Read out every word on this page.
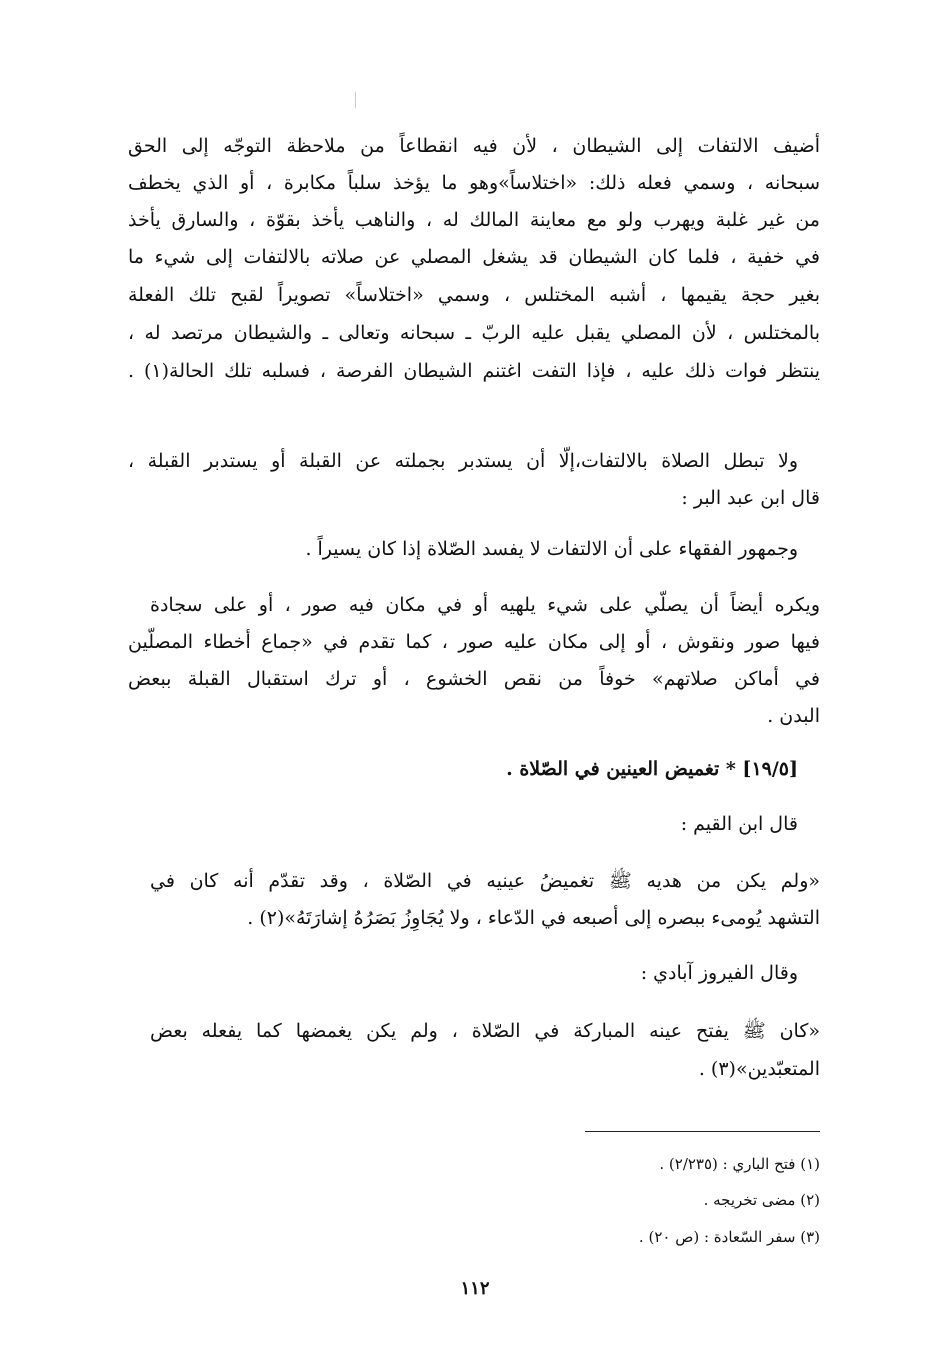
أضيف الالتفات إلى الشيطان ، لأن فيه انقطاعاً من ملاحظة التوجّه إلى الحق
سبحانه ، وسمي فعله ذلك: «اختلاساً»وهو ما يؤخذ سلباً مكابرة ، أو الذي يخطف
من غير غلبة ويهرب ولو مع معاينة المالك له ، والناهب يأخذ بقوّة ، والسارق يأخذ
في خفية ، فلما كان الشيطان قد يشغل المصلي عن صلاته بالالتفات إلى شيء ما
بغير حجة يقيمها ، أشبه المختلس ، وسمي «اختلاساً» تصويراً لقبح تلك الفعلة
بالمختلس ، لأن المصلي يقبل عليه الربّ ـ سبحانه وتعالى ـ والشيطان مرتصد له ،
ينتظر فوات ذلك عليه ، فإذا التفت اغتنم الشيطان الفرصة ، فسلبه تلك الحالة(١) .
ولا تبطل الصلاة بالالتفات،إلّا أن يستدبر بجملته عن القبلة أو يستدبر القبلة ،
قال ابن عبد البر :
وجمهور الفقهاء على أن الالتفات لا يفسد الصّلاة إذا كان يسيراً .
ويكره أيضاً أن يصلّي على شيء يلهيه أو في مكان فيه صور ، أو على سجادة
فيها صور ونقوش ، أو إلى مكان عليه صور ، كما تقدم في «جماع أخطاء المصلّين
في أماكن صلاتهم» خوفاً من نقص الخشوع ، أو ترك استقبال القبلة ببعض
البدن .
[١٩/٥] * تغميض العينين في الصّلاة .
قال ابن القيم :
«ولم يكن من هديه ﷺ تغميضُ عينيه في الصّلاة ، وقد تقدّم أنه كان في
التشهد يُومىء ببصره إلى أصبعه في الدّعاء ، ولا يُجَاوِزُ بَصَرُهُ إشارَتَهُ»(٢) .
وقال الفيروز آبادي :
«كان ﷺ يفتح عينه المباركة في الصّلاة ، ولم يكن يغمضها كما يفعله بعض
المتعبّدين»(٣) .
(١) فتح الباري : (٢/٢٣٥) .
(٢) مضى تخريجه .
(٣) سفر السّعادة : (ص ٢٠) .
١١٢
